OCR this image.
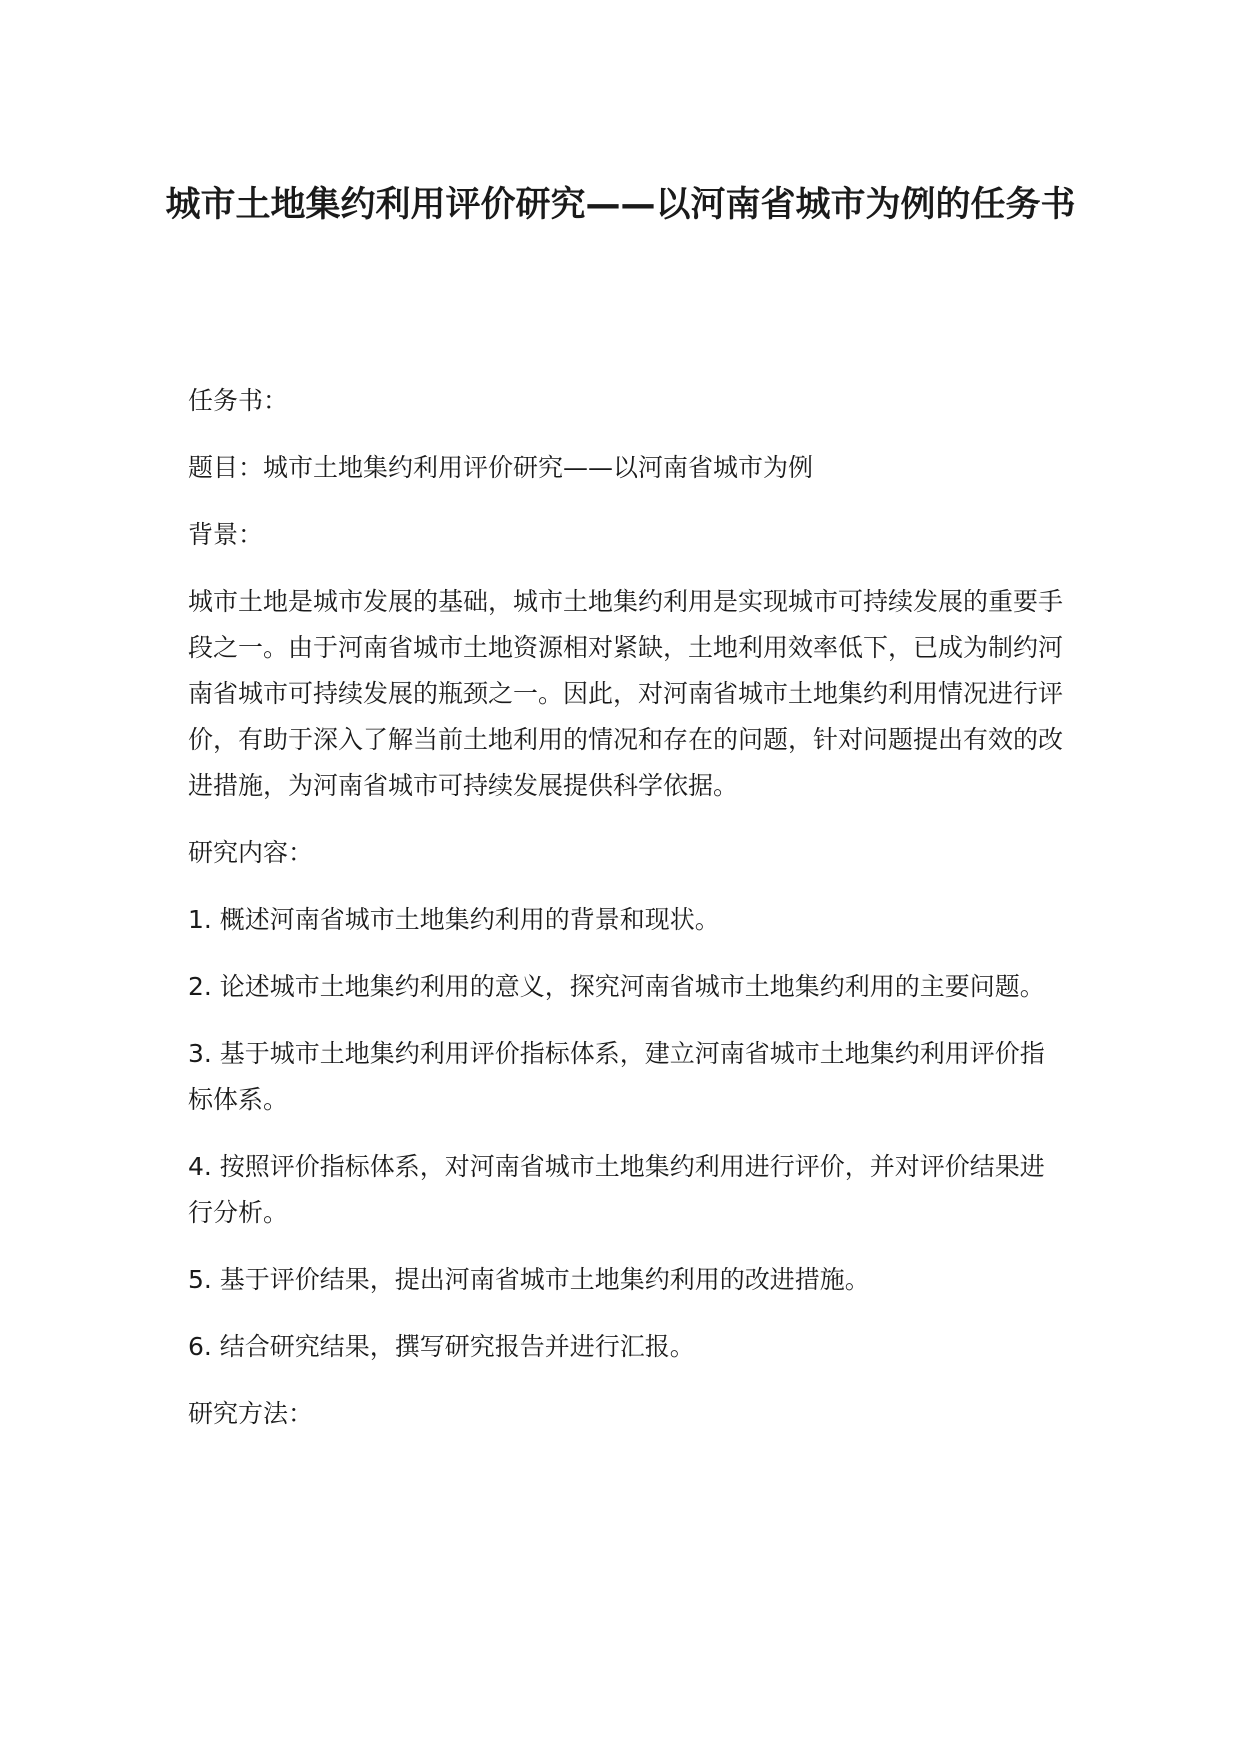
城市土地集约利用评价研究——以河南省城市为例的任务书

任务书：

题目：城市土地集约利用评价研究——以河南省城市为例

背景：

城市土地是城市发展的基础，城市土地集约利用是实现城市可持续发展的重要手段之一。由于河南省城市土地资源相对紧缺，土地利用效率低下，已成为制约河南省城市可持续发展的瓶颈之一。因此，对河南省城市土地集约利用情况进行评价，有助于深入了解当前土地利用的情况和存在的问题，针对问题提出有效的改进措施，为河南省城市可持续发展提供科学依据。

研究内容：

1. 概述河南省城市土地集约利用的背景和现状。

2. 论述城市土地集约利用的意义，探究河南省城市土地集约利用的主要问题。

3. 基于城市土地集约利用评价指标体系，建立河南省城市土地集约利用评价指标体系。

4. 按照评价指标体系，对河南省城市土地集约利用进行评价，并对评价结果进行分析。

5. 基于评价结果，提出河南省城市土地集约利用的改进措施。

6. 结合研究结果，撰写研究报告并进行汇报。

研究方法：
